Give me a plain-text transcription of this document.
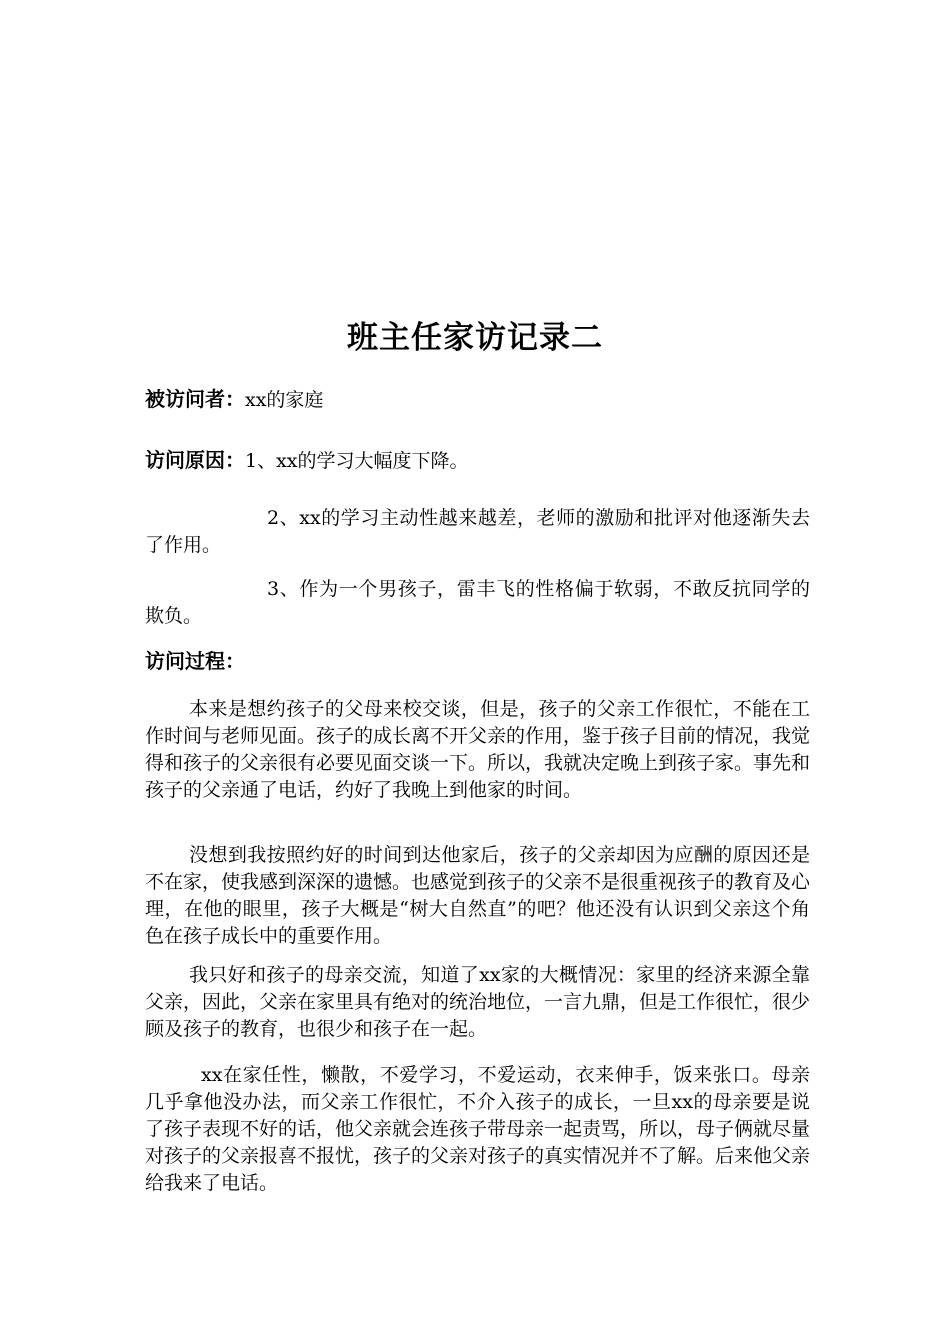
班主任家访记录二
被访问者：xx的家庭
访问原因：1、xx的学习大幅度下降。
2、xx的学习主动性越来越差，老师的激励和批评对他逐渐失去了作用。
3、作为一个男孩子，雷丰飞的性格偏于软弱，不敢反抗同学的欺负。
访问过程：
本来是想约孩子的父母来校交谈，但是，孩子的父亲工作很忙，不能在工作时间与老师见面。孩子的成长离不开父亲的作用，鉴于孩子目前的情况，我觉得和孩子的父亲很有必要见面交谈一下。所以，我就决定晚上到孩子家。事先和孩子的父亲通了电话，约好了我晚上到他家的时间。
没想到我按照约好的时间到达他家后，孩子的父亲却因为应酬的原因还是不在家，使我感到深深的遗憾。也感觉到孩子的父亲不是很重视孩子的教育及心理，在他的眼里，孩子大概是“树大自然直”的吧？他还没有认识到父亲这个角色在孩子成长中的重要作用。
我只好和孩子的母亲交流，知道了xx家的大概情况：家里的经济来源全靠父亲，因此，父亲在家里具有绝对的统治地位，一言九鼎，但是工作很忙，很少顾及孩子的教育，也很少和孩子在一起。
xx在家任性，懒散，不爱学习，不爱运动，衣来伸手，饭来张口。母亲几乎拿他没办法，而父亲工作很忙，不介入孩子的成长，一旦xx的母亲要是说了孩子表现不好的话，他父亲就会连孩子带母亲一起责骂，所以，母子俩就尽量对孩子的父亲报喜不报忧，孩子的父亲对孩子的真实情况并不了解。后来他父亲给我来了电话。
